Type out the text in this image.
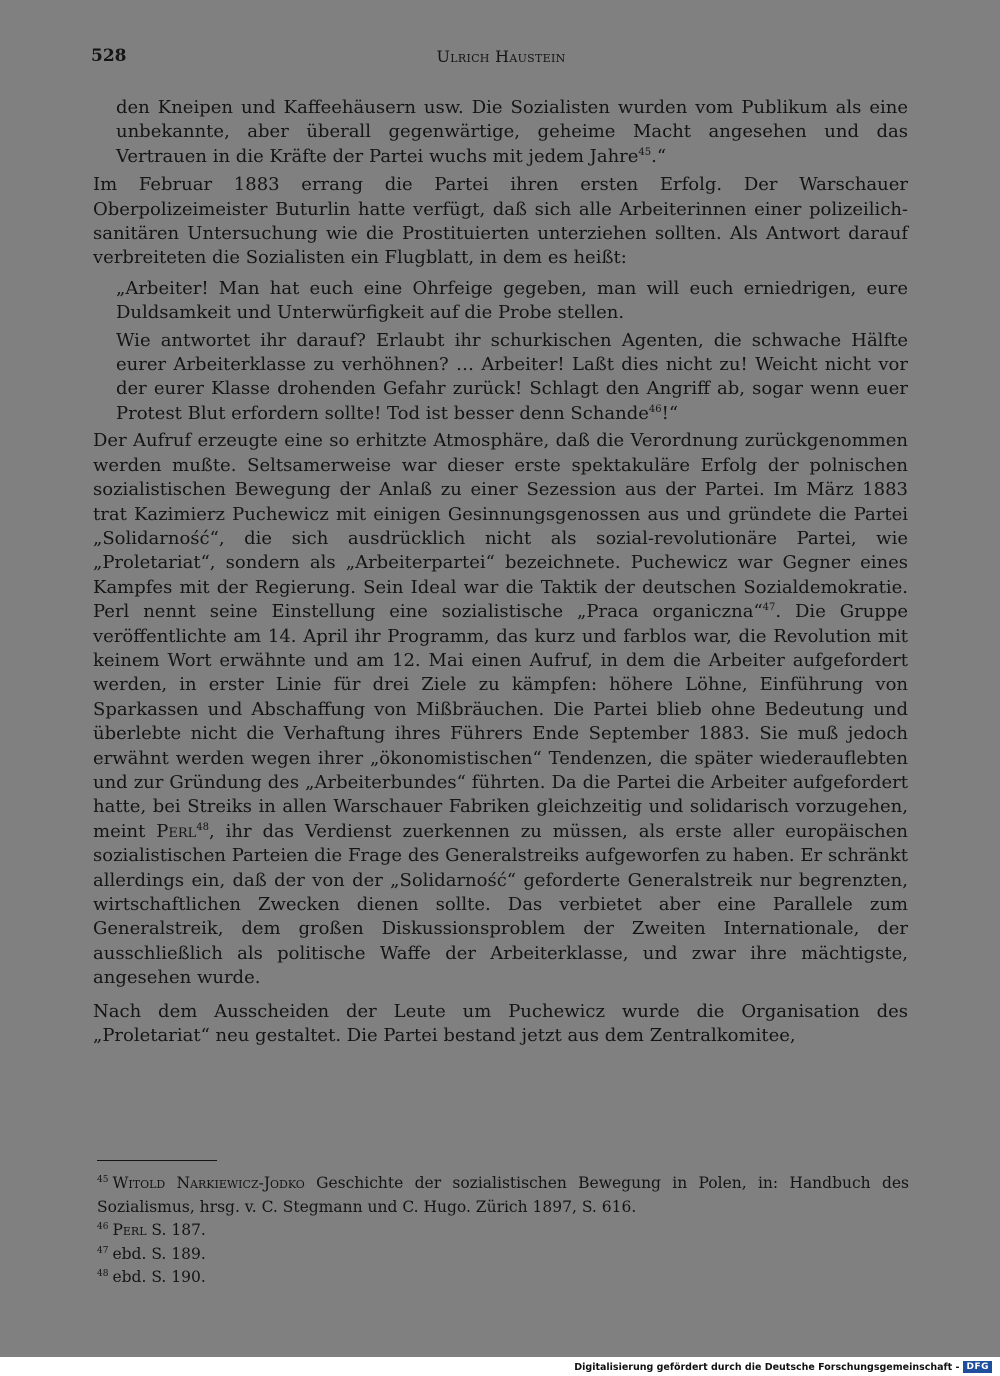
528	Ulrich Haustein

den Kneipen und Kaffeehäusern usw. Die Sozialisten wurden vom Publikum als eine unbekannte, aber überall gegenwärtige, geheime Macht angesehen und das Vertrauen in die Kräfte der Partei wuchs mit jedem Jahre$^{45}$.“

Im Februar 1883 errang die Partei ihren ersten Erfolg. Der Warschauer Oberpolizeimeister Buturlin hatte verfügt, daß sich alle Arbeiterinnen einer polizeilich-sanitären Untersuchung wie die Prostituierten unterziehen sollten. Als Antwort darauf verbreiteten die Sozialisten ein Flugblatt, in dem es heißt:

„Arbeiter! Man hat euch eine Ohrfeige gegeben, man will euch erniedrigen, eure Duldsamkeit und Unterwürfigkeit auf die Probe stellen.

Wie antwortet ihr darauf? Erlaubt ihr schurkischen Agenten, die schwache Hälfte eurer Arbeiterklasse zu verhöhnen? … Arbeiter! Laßt dies nicht zu! Weicht nicht vor der eurer Klasse drohenden Gefahr zurück! Schlagt den Angriff ab, sogar wenn euer Protest Blut erfordern sollte! Tod ist besser denn Schande$^{46}$!“

Der Aufruf erzeugte eine so erhitzte Atmosphäre, daß die Verordnung zurückgenommen werden mußte. Seltsamerweise war dieser erste spektakuläre Erfolg der polnischen sozialistischen Bewegung der Anlaß zu einer Sezession aus der Partei. Im März 1883 trat Kazimierz Puchewicz mit einigen Gesinnungsgenossen aus und gründete die Partei „Solidarność“, die sich ausdrücklich nicht als sozial-revolutionäre Partei, wie „Proletariat“, sondern als „Arbeiterpartei“ bezeichnete. Puchewicz war Gegner eines Kampfes mit der Regierung. Sein Ideal war die Taktik der deutschen Sozialdemokratie. Perl nennt seine Einstellung eine sozialistische „Praca organiczna“$^{47}$. Die Gruppe veröffentlichte am 14. April ihr Programm, das kurz und farblos war, die Revolution mit keinem Wort erwähnte und am 12. Mai einen Aufruf, in dem die Arbeiter aufgefordert werden, in erster Linie für drei Ziele zu kämpfen: höhere Löhne, Einführung von Sparkassen und Abschaffung von Mißbräuchen. Die Partei blieb ohne Bedeutung und überlebte nicht die Verhaftung ihres Führers Ende September 1883. Sie muß jedoch erwähnt werden wegen ihrer „ökonomistischen“ Tendenzen, die später wiederauflebten und zur Gründung des „Arbeiterbundes“ führten. Da die Partei die Arbeiter aufgefordert hatte, bei Streiks in allen Warschauer Fabriken gleichzeitig und solidarisch vorzugehen, meint Perl$^{48}$, ihr das Verdienst zuerkennen zu müssen, als erste aller europäischen sozialistischen Parteien die Frage des Generalstreiks aufgeworfen zu haben. Er schränkt allerdings ein, daß der von der „Solidarność“ geforderte Generalstreik nur begrenzten, wirtschaftlichen Zwecken dienen sollte. Das verbietet aber eine Parallele zum Generalstreik, dem großen Diskussionsproblem der Zweiten Internationale, der ausschließlich als politische Waffe der Arbeiterklasse, und zwar ihre mächtigste, angesehen wurde.

Nach dem Ausscheiden der Leute um Puchewicz wurde die Organisation des „Proletariat“ neu gestaltet. Die Partei bestand jetzt aus dem Zentralkomitee,

$^{45}$ Witold Narkiewicz-Jodko Geschichte der sozialistischen Bewegung in Polen, in: Handbuch des Sozialismus, hrsg. v. C. Stegmann und C. Hugo. Zürich 1897, S. 616.

$^{46}$ Perl S. 187.

$^{47}$ ebd. S. 189.

$^{48}$ ebd. S. 190.

Digitalisierung gefördert durch die Deutsche Forschungsgemeinschaft - DFG
